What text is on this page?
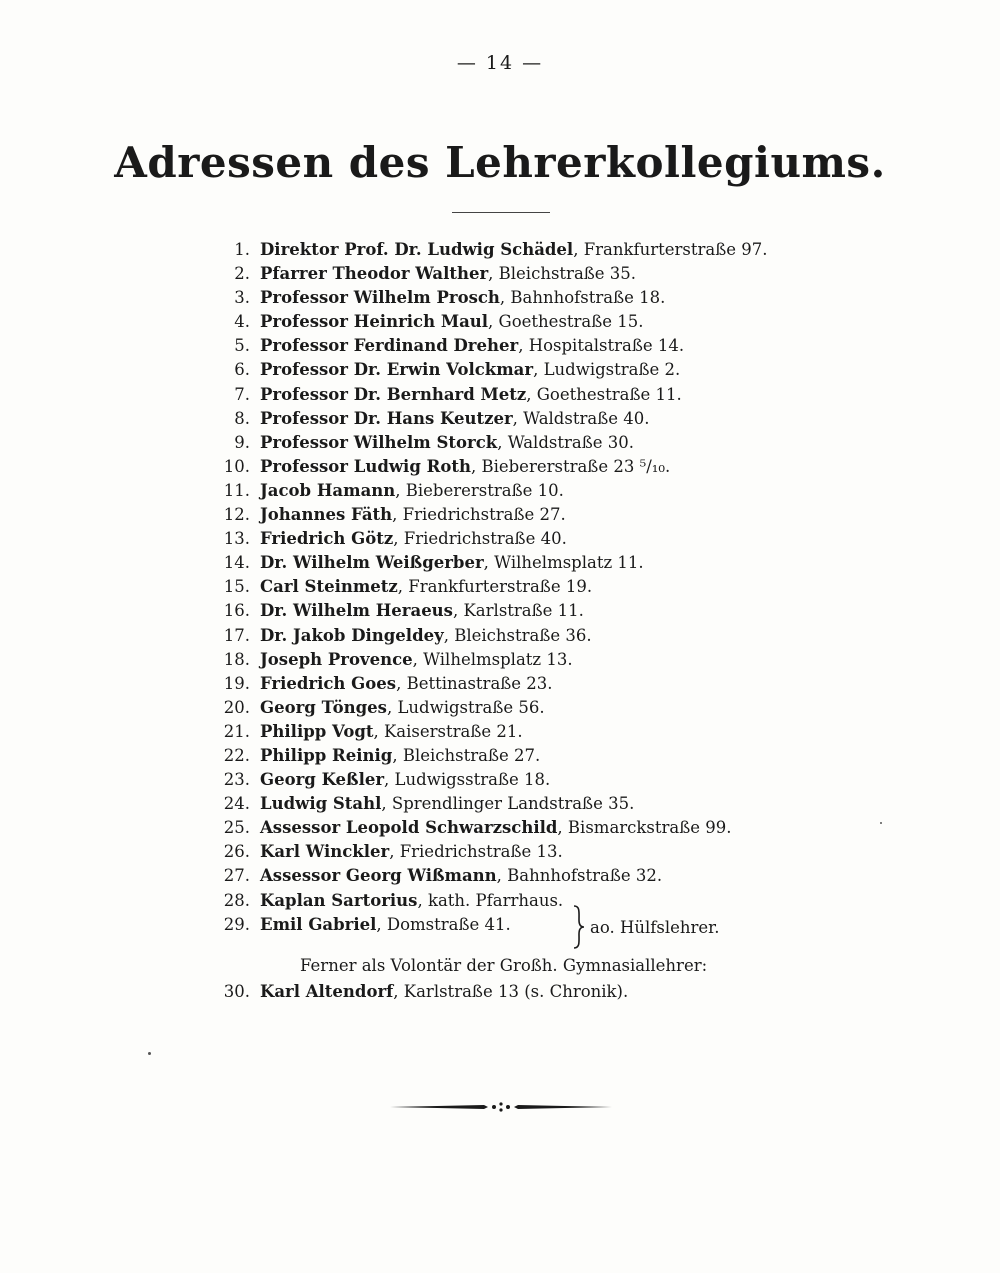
— 14 —
Adressen des Lehrerkollegiums.
1. Direktor Prof. Dr. Ludwig Schädel, Frankfurterstraße 97.
2. Pfarrer Theodor Walther, Bleichstraße 35.
3. Professor Wilhelm Prosch, Bahnhofstraße 18.
4. Professor Heinrich Maul, Goethestraße 15.
5. Professor Ferdinand Dreher, Hospitalstraße 14.
6. Professor Dr. Erwin Volckmar, Ludwigstraße 2.
7. Professor Dr. Bernhard Metz, Goethestraße 11.
8. Professor Dr. Hans Keutzer, Waldstraße 40.
9. Professor Wilhelm Storck, Waldstraße 30.
10. Professor Ludwig Roth, Biebererstraße 23 ⁵/₁₀.
11. Jacob Hamann, Biebererstraße 10.
12. Johannes Fäth, Friedrichstraße 27.
13. Friedrich Götz, Friedrichstraße 40.
14. Dr. Wilhelm Weißgerber, Wilhelmsplatz 11.
15. Carl Steinmetz, Frankfurterstraße 19.
16. Dr. Wilhelm Heraeus, Karlstraße 11.
17. Dr. Jakob Dingeldey, Bleichstraße 36.
18. Joseph Provence, Wilhelmsplatz 13.
19. Friedrich Goes, Bettinastraße 23.
20. Georg Tönges, Ludwigstraße 56.
21. Philipp Vogt, Kaiserstraße 21.
22. Philipp Reinig, Bleichstraße 27.
23. Georg Keßler, Ludwigsstraße 18.
24. Ludwig Stahl, Sprendlinger Landstraße 35.
25. Assessor Leopold Schwarzschild, Bismarckstraße 99.
26. Karl Winckler, Friedrichstraße 13.
27. Assessor Georg Wißmann, Bahnhofstraße 32.
28. Kaplan Sartorius, kath. Pfarrhaus.
29. Emil Gabriel, Domstraße 41.	ao. Hülfslehrer.
Ferner als Volontär der Großh. Gymnasiallehrer:
30. Karl Altendorf, Karlstraße 13 (s. Chronik).
